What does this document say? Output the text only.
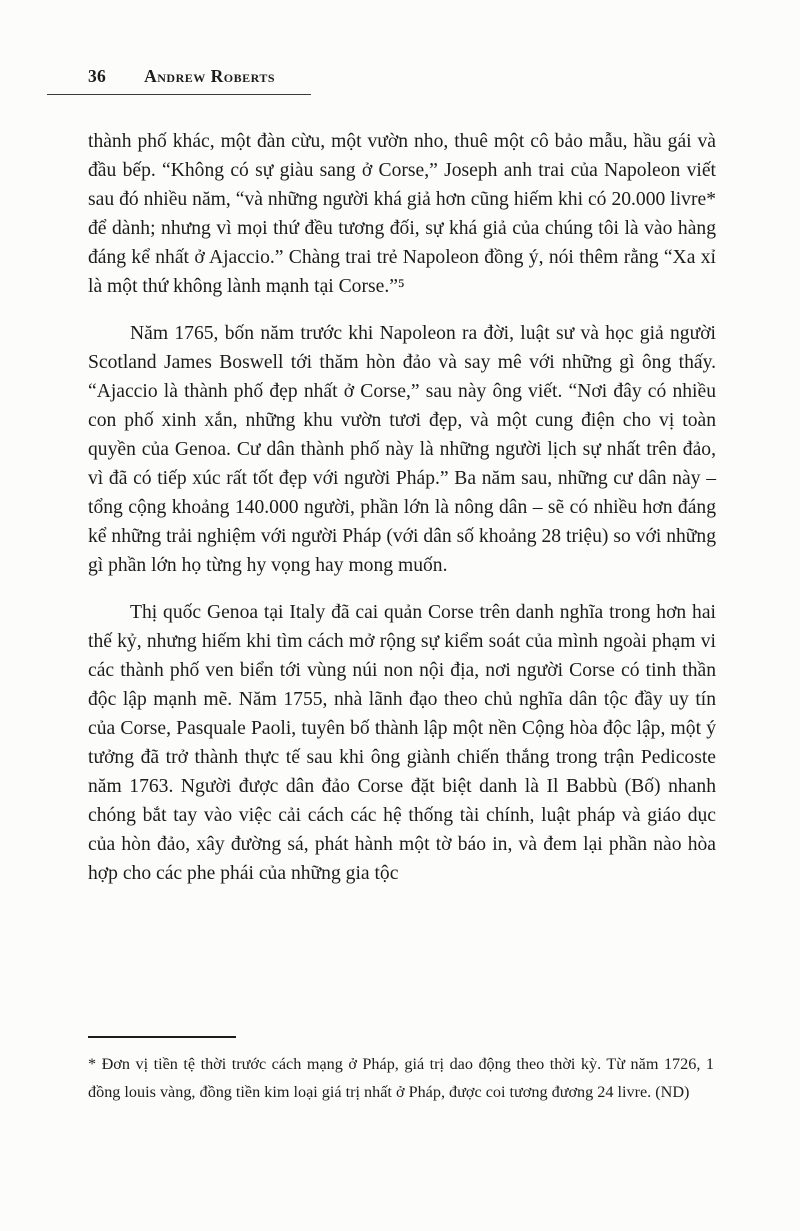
36 Andrew Roberts

thành phố khác, một đàn cừu, một vườn nho, thuê một cô bảo mẫu, hầu gái và đầu bếp. “Không có sự giàu sang ở Corse,” Joseph anh trai của Napoleon viết sau đó nhiều năm, “và những người khá giả hơn cũng hiếm khi có 20.000 livre* để dành; nhưng vì mọi thứ đều tương đối, sự khá giả của chúng tôi là vào hàng đáng kể nhất ở Ajaccio.” Chàng trai trẻ Napoleon đồng ý, nói thêm rằng “Xa xỉ là một thứ không lành mạnh tại Corse.”⁵

Năm 1765, bốn năm trước khi Napoleon ra đời, luật sư và học giả người Scotland James Boswell tới thăm hòn đảo và say mê với những gì ông thấy. “Ajaccio là thành phố đẹp nhất ở Corse,” sau này ông viết. “Nơi đây có nhiều con phố xinh xắn, những khu vườn tươi đẹp, và một cung điện cho vị toàn quyền của Genoa. Cư dân thành phố này là những người lịch sự nhất trên đảo, vì đã có tiếp xúc rất tốt đẹp với người Pháp.” Ba năm sau, những cư dân này – tổng cộng khoảng 140.000 người, phần lớn là nông dân – sẽ có nhiều hơn đáng kể những trải nghiệm với người Pháp (với dân số khoảng 28 triệu) so với những gì phần lớn họ từng hy vọng hay mong muốn.

Thị quốc Genoa tại Italy đã cai quản Corse trên danh nghĩa trong hơn hai thế kỷ, nhưng hiếm khi tìm cách mở rộng sự kiểm soát của mình ngoài phạm vi các thành phố ven biển tới vùng núi non nội địa, nơi người Corse có tinh thần độc lập mạnh mẽ. Năm 1755, nhà lãnh đạo theo chủ nghĩa dân tộc đầy uy tín của Corse, Pasquale Paoli, tuyên bố thành lập một nền Cộng hòa độc lập, một ý tưởng đã trở thành thực tế sau khi ông giành chiến thắng trong trận Pedicoste năm 1763. Người được dân đảo Corse đặt biệt danh là Il Babbù (Bố) nhanh chóng bắt tay vào việc cải cách các hệ thống tài chính, luật pháp và giáo dục của hòn đảo, xây đường sá, phát hành một tờ báo in, và đem lại phần nào hòa hợp cho các phe phái của những gia tộc

* Đơn vị tiền tệ thời trước cách mạng ở Pháp, giá trị dao động theo thời kỳ. Từ năm 1726, 1 đồng louis vàng, đồng tiền kim loại giá trị nhất ở Pháp, được coi tương đương 24 livre. (ND)
